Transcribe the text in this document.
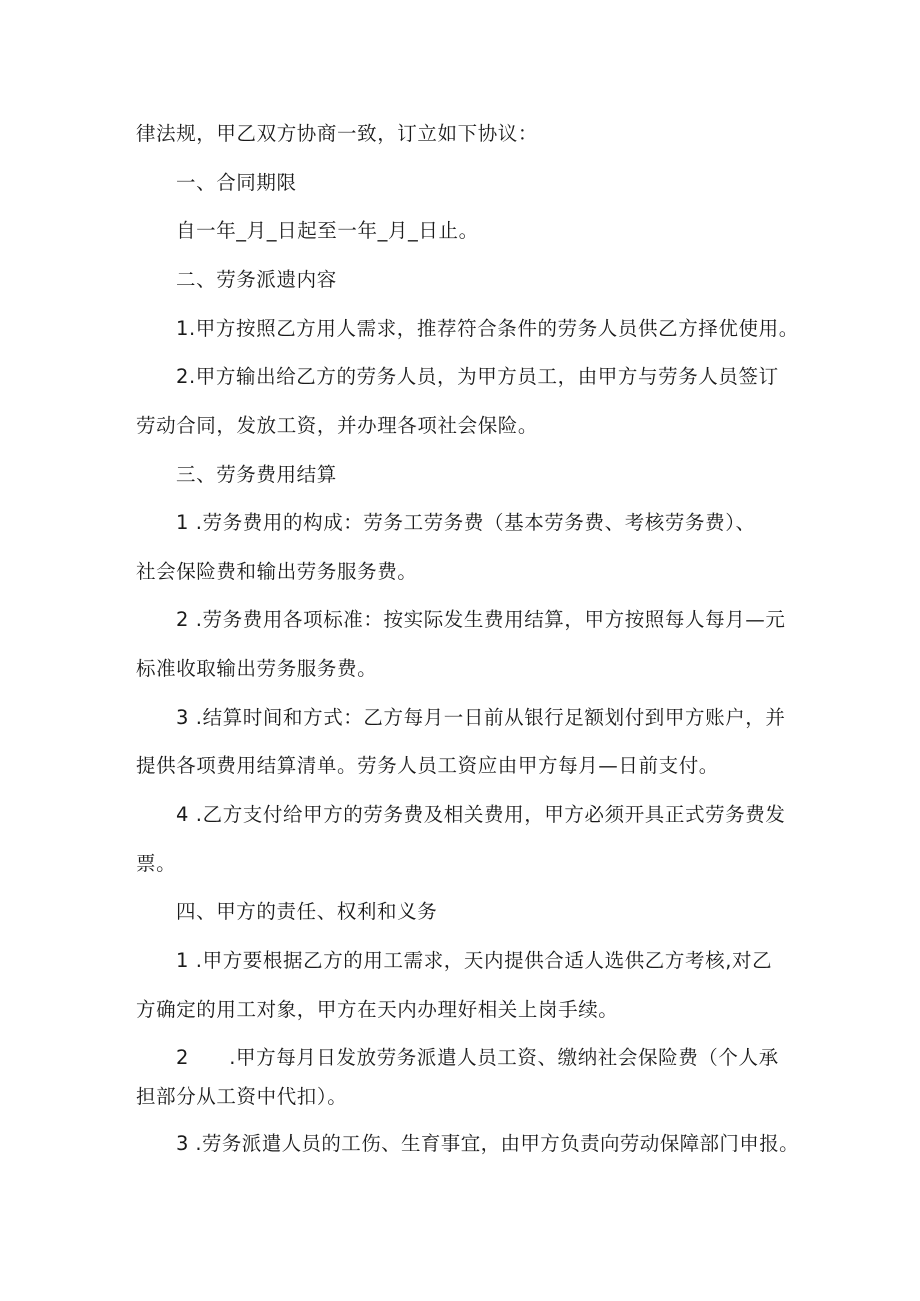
律法规，甲乙双方协商一致，订立如下协议：
一、合同期限
自一年_月_日起至一年_月_日止。
二、劳务派遗内容
1.甲方按照乙方用人需求，推荐符合条件的劳务人员供乙方择优使用。
2.甲方输出给乙方的劳务人员，为甲方员工，由甲方与劳务人员签订
劳动合同，发放工资，并办理各项社会保险。
三、劳务费用结算
1 .劳务费用的构成：劳务工劳务费（基本劳务费、考核劳务费）、
社会保险费和输出劳务服务费。
2 .劳务费用各项标准：按实际发生费用结算，甲方按照每人每月—元
标准收取输出劳务服务费。
3 .结算时间和方式：乙方每月一日前从银行足额划付到甲方账户，并
提供各项费用结算清单。劳务人员工资应由甲方每月—日前支付。
4 .乙方支付给甲方的劳务费及相关费用，甲方必须开具正式劳务费发
票。
四、甲方的责任、权利和义务
1 .甲方要根据乙方的用工需求，天内提供合适人选供乙方考核,对乙
方确定的用工对象，甲方在天内办理好相关上岗手续。
2　　.甲方每月日发放劳务派遣人员工资、缴纳社会保险费（个人承
担部分从工资中代扣）。
3 .劳务派遣人员的工伤、生育事宜，由甲方负责向劳动保障部门申报。
